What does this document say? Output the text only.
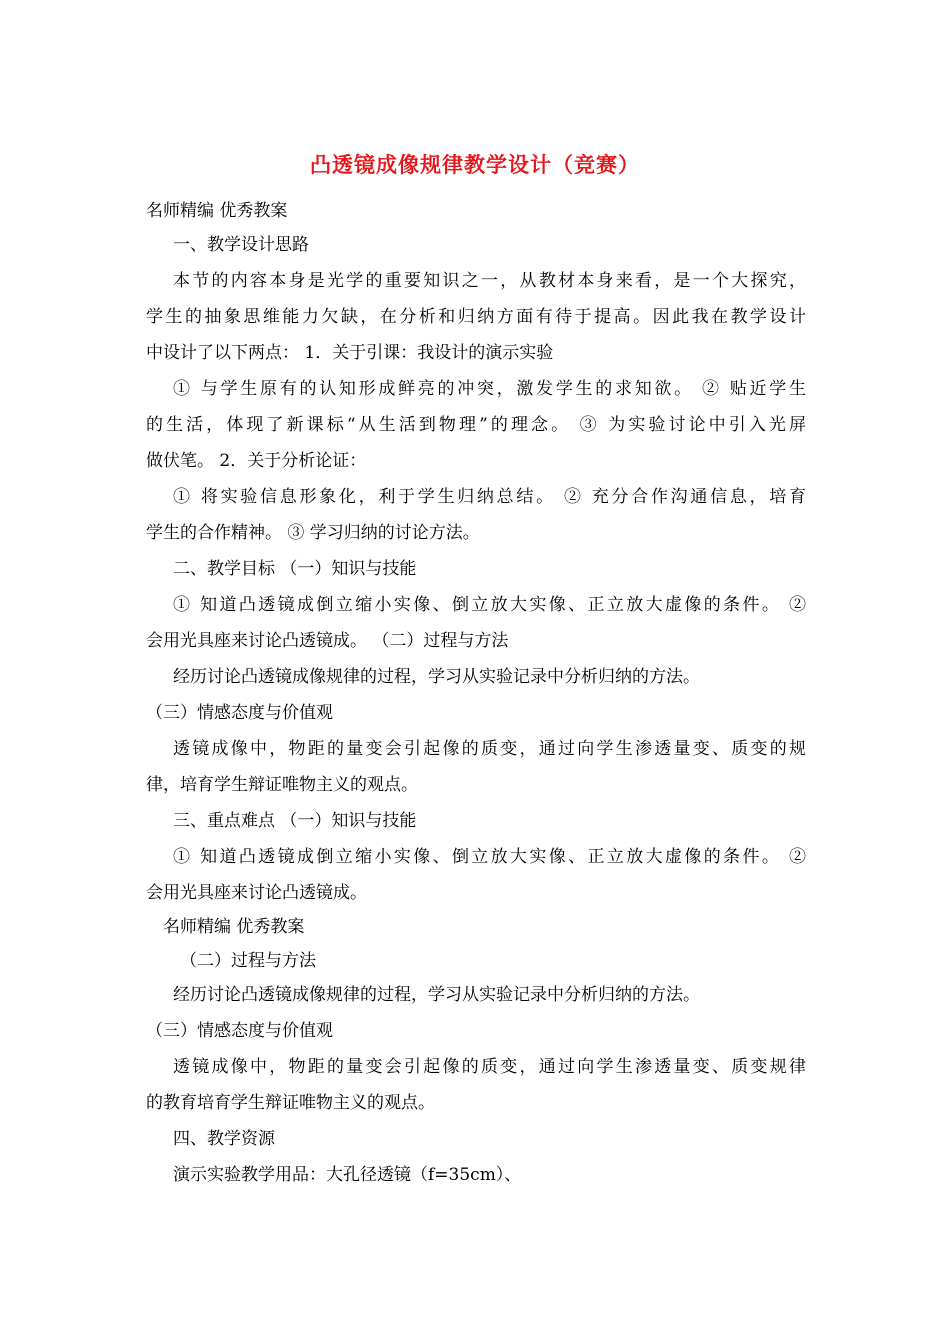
凸透镜成像规律教学设计（竞赛）
名师精编 优秀教案
一、教学设计思路
本节的内容本身是光学的重要知识之一，从教材本身来看，是一个大探究，
学生的抽象思维能力欠缺，在分析和归纳方面有待于提高。因此我在教学设计
中设计了以下两点： 1．关于引课：我设计的演示实验
① 与学生原有的认知形成鲜亮的冲突，激发学生的求知欲。 ② 贴近学生
的生活，体现了新课标“从生活到物理”的理念。 ③ 为实验讨论中引入光屏
做伏笔。 2．关于分析论证：
① 将实验信息形象化，利于学生归纳总结。 ② 充分合作沟通信息，培育
学生的合作精神。 ③ 学习归纳的讨论方法。
二、教学目标 （一）知识与技能
① 知道凸透镜成倒立缩小实像、倒立放大实像、正立放大虚像的条件。 ②
会用光具座来讨论凸透镜成。 （二）过程与方法
经历讨论凸透镜成像规律的过程，学习从实验记录中分析归纳的方法。
（三）情感态度与价值观
透镜成像中，物距的量变会引起像的质变，通过向学生渗透量变、质变的规
律，培育学生辩证唯物主义的观点。
三、重点难点 （一）知识与技能
① 知道凸透镜成倒立缩小实像、倒立放大实像、正立放大虚像的条件。 ②
会用光具座来讨论凸透镜成。
名师精编 优秀教案
（二）过程与方法
经历讨论凸透镜成像规律的过程，学习从实验记录中分析归纳的方法。
（三）情感态度与价值观
透镜成像中，物距的量变会引起像的质变，通过向学生渗透量变、质变规律
的教育培育学生辩证唯物主义的观点。
四、教学资源
演示实验教学用品：大孔径透镜（f=35cm）、
